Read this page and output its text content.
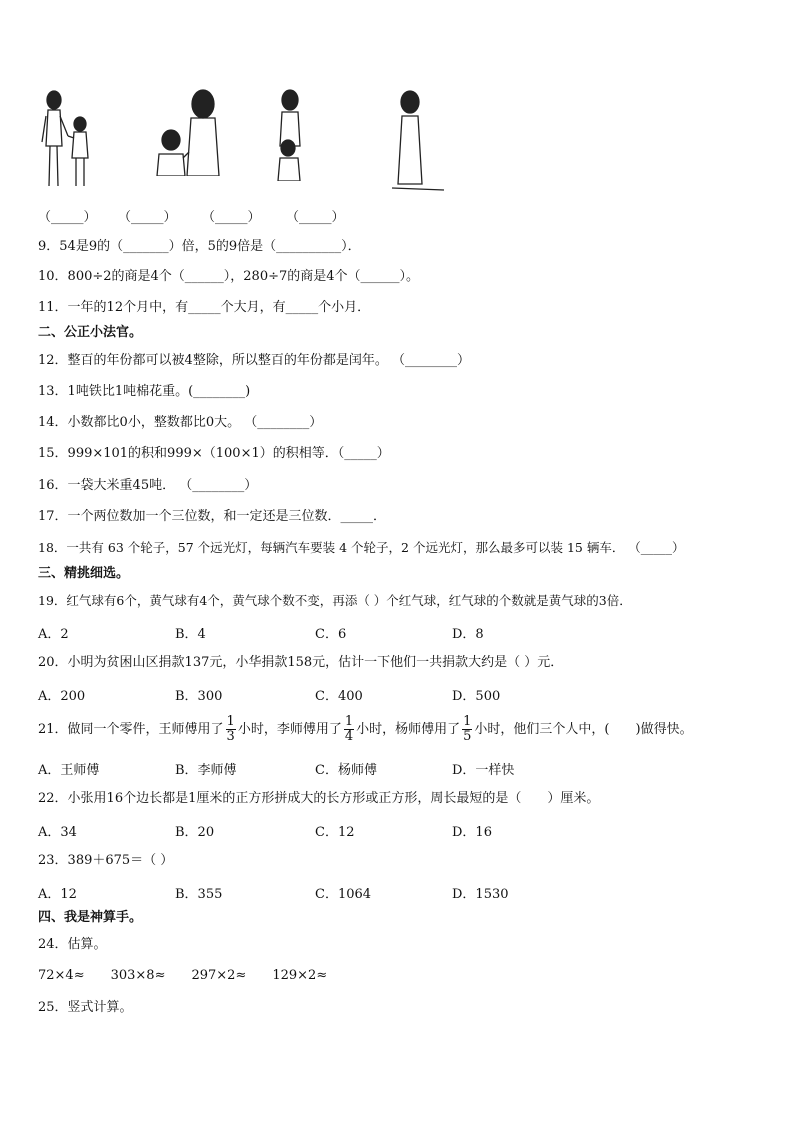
（_____） （_____） （_____） （_____）
9．54是9的（_______）倍，5的9倍是（__________）．
10．800÷2的商是4个（______），280÷7的商是4个（______）。
11．一年的12个月中，有_____个大月，有_____个小月．
二、公正小法官。
12．整百的年份都可以被4整除，所以整百的年份都是闰年。 （________）
13．1吨铁比1吨棉花重。(________)
14．小数都比0小，整数都比0大。 （________）
15．999×101的积和999×（100×1）的积相等．（_____）
16．一袋大米重45吨． （________）
17．一个两位数加一个三位数，和一定还是三位数．_____．
18．一共有 63 个轮子，57 个远光灯，每辆汽车要装 4 个轮子，2 个远光灯，那么最多可以装 15 辆车． （_____）
三、精挑细选。
19．红气球有6个，黄气球有4个，黄气球个数不变，再添（ ）个红气球，红气球的个数就是黄气球的3倍．
A．2	B．4	C．6	D．8
20．小明为贫困山区捐款137元，小华捐款158元，估计一下他们一共捐款大约是（ ）元．
A．200	B．300	C．400	D．500
21．做同一个零件，王师傅用了 $\frac{1}{3}$ 小时，李师傅用了 $\frac{1}{4}$ 小时，杨师傅用了 $\frac{1}{5}$ 小时，他们三个人中，(　　)做得快。
A．王师傅	B．李师傅	C．杨师傅	D．一样快
22．小张用16个边长都是1厘米的正方形拼成大的长方形或正方形，周长最短的是（　　）厘米。
A．34	B．20	C．12	D．16
23．389＋675＝（ ）
A．12	B．355	C．1064	D．1530
四、我是神算手。
24．估算。
72×4≈　　303×8≈　　297×2≈　　129×2≈
25．竖式计算。
